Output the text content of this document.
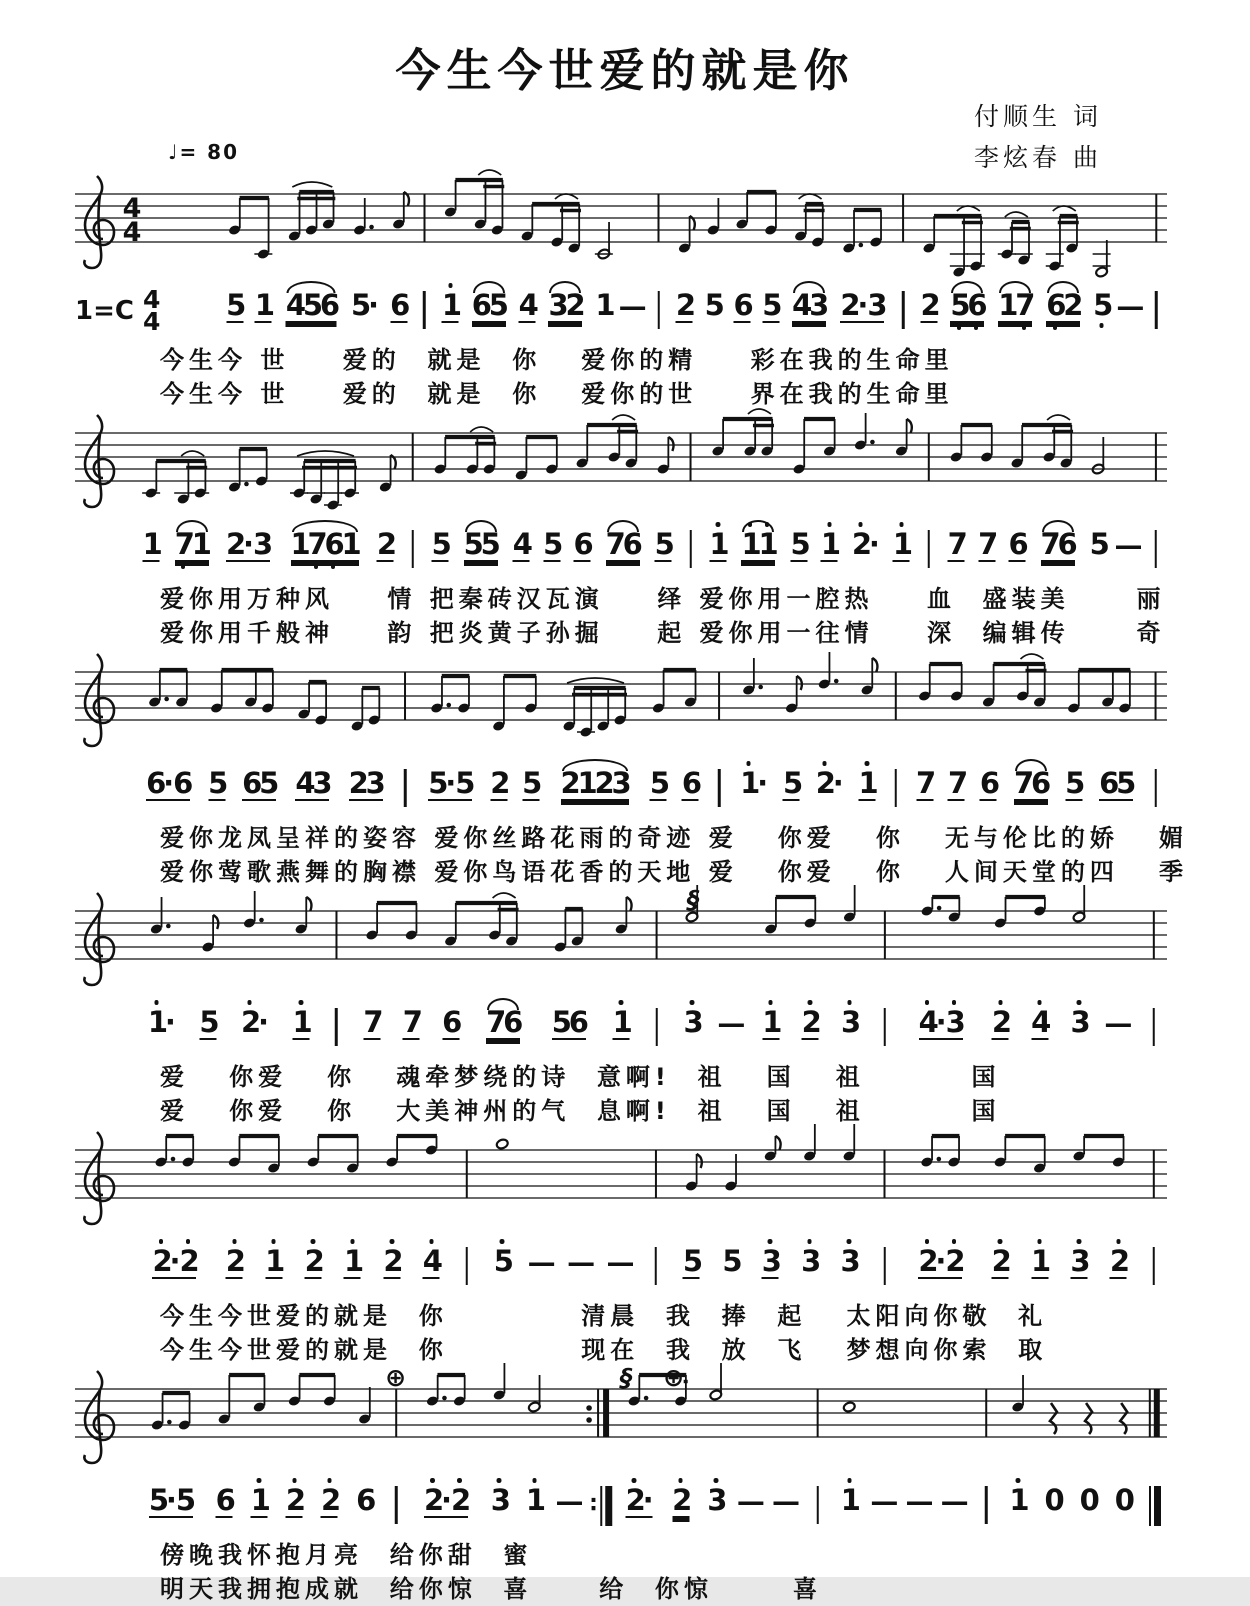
今生今世爱的就是你
付顺生 词
李炫春 曲
♩= 80
4
4
1=C 4
4 5 1 4
5
6 5
· 6 1 6
5 4 3
2 1 — 2 5 6 5 4
3 2
·
3 2 5
6 1
7 6
2 5 —
今生今 世    爱的  就是  你   爱你的精    彩在我的生命里
今生今 世    爱的  就是  你   爱你的世    界在我的生命里
1 7
1 2
·
3 1
7
6
1 2 5 5
5 4 5 6 7
6 5 1 1
1 5 1 2
· 1 7 7 6 7
6 5 —
爱你用万种风    情 把秦砖汉瓦演    绎 爱你用一腔热    血  盛装美     丽
爱你用千般神    韵 把炎黄子孙掘    起 爱你用一往情    深  编辑传     奇
6
·
6 5 6
5 4
3 2
3 5
·
5 2 5 2
1
2
3 5 6 1
· 5 2
· 1 7 7 6 7
6 5 6
5
爱你龙凤呈祥的姿容 爱你丝路花雨的奇迹 爱   你爱   你   无与伦比的娇   媚
爱你莺歌燕舞的胸襟 爱你鸟语花香的天地 爱   你爱   你   人间天堂的四   季
§
1
· 5 2
· 1 7 7 6 7
6 5
6 1 3 — 1 2 3 4
·
3 2 4 3 —
爱   你爱   你   魂牵梦绕的诗  意啊!  祖   国   祖        国
爱   你爱   你   大美神州的气  息啊!  祖   国   祖        国
2
·
2 2 1 2 1 2 4 5 — — — 5 5 3 3 3 2
·
2 2 1 3 2
今生今世爱的就是  你          清晨  我  捧  起   太阳向你敬  礼
今生今世爱的就是  你          现在  我  放  飞   梦想向你索  取
⊕	§ ⊕
5
·
5 6 1 2 2 6 2
·
2 3 1 — ∶ 2
· 2 3 — — 1 — — — 1 0 0 0
傍晚我怀抱月亮  给你甜  蜜
明天我拥抱成就  给你惊  喜     给  你惊      喜
